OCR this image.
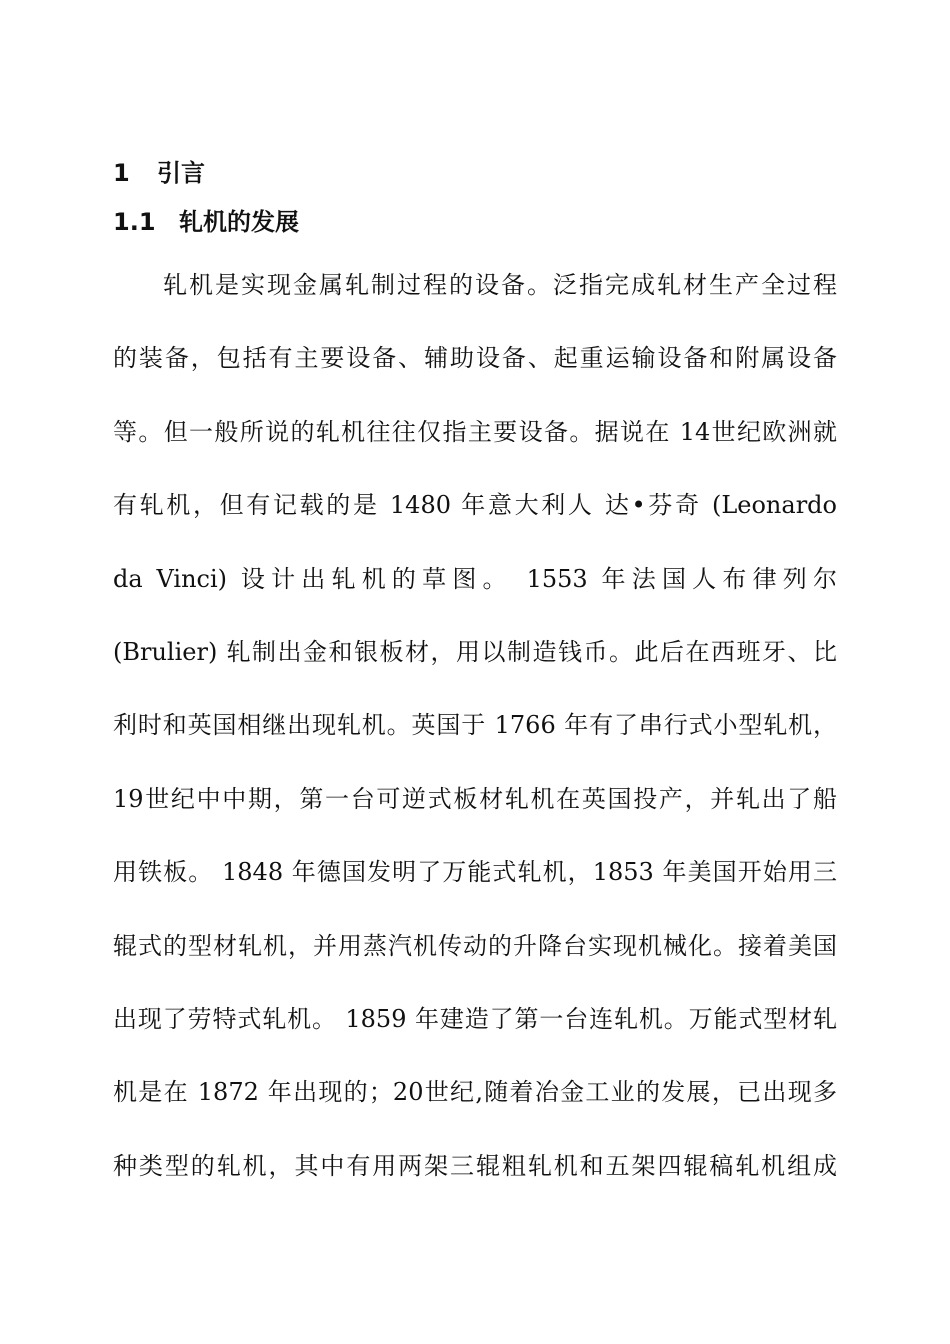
1 引言
1.1 轧机的发展
轧机是实现金属轧制过程的设备。泛指完成轧材生产全过程
的装备，包括有主要设备、辅助设备、起重运输设备和附属设备
等。但一般所说的轧机往往仅指主要设备。据说在 14世纪欧洲就
有轧机，但有记载的是 1480 年意大利人 达•芬奇 (Leonardo
da Vinci) 设计出轧机的草图。 1553 年法国人布律列尔
(Brulier) 轧制出金和银板材，用以制造钱币。此后在西班牙、比
利时和英国相继出现轧机。英国于 1766 年有了串行式小型轧机，
19世纪中中期，第一台可逆式板材轧机在英国投产，并轧出了船
用铁板。 1848 年德国发明了万能式轧机，1853 年美国开始用三
辊式的型材轧机，并用蒸汽机传动的升降台实现机械化。接着美国
出现了劳特式轧机。 1859 年建造了第一台连轧机。万能式型材轧
机是在 1872 年出现的；20世纪,随着冶金工业的发展，已出现多
种类型的轧机，其中有用两架三辊粗轧机和五架四辊稿轧机组成
